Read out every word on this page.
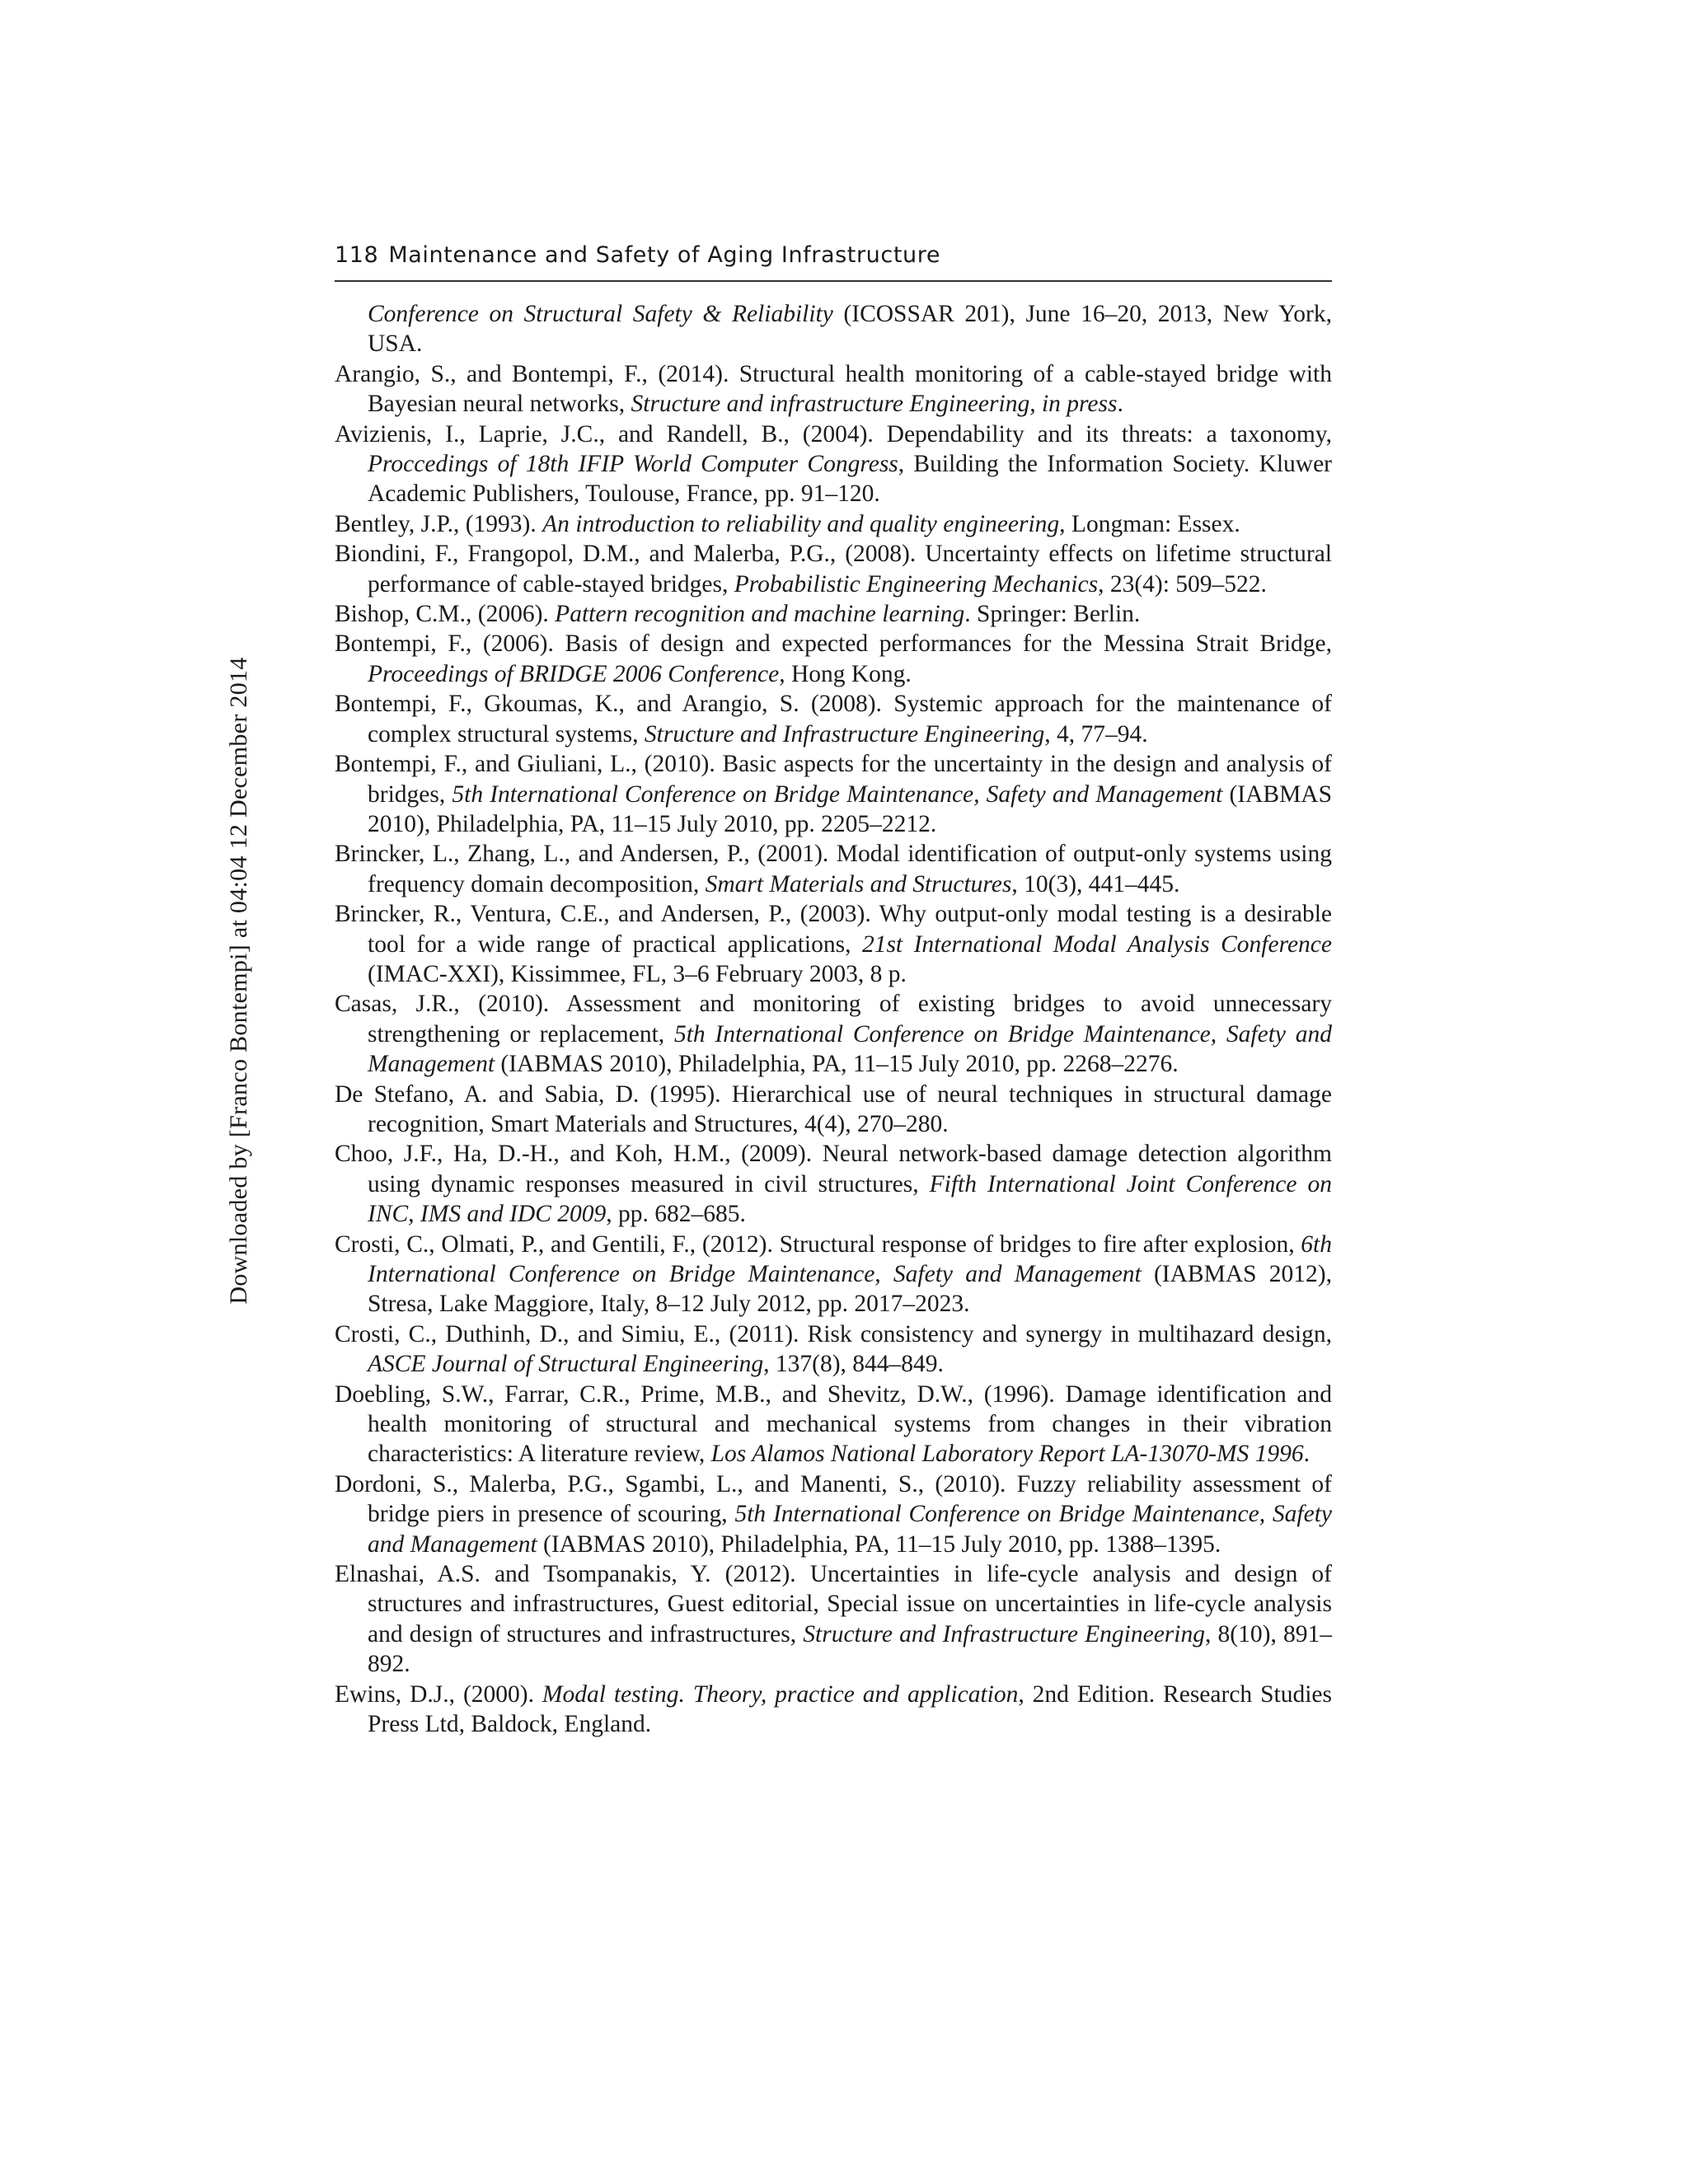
118 Maintenance and Safety of Aging Infrastructure
Downloaded by [Franco Bontempi] at 04:04 12 December 2014
Conference on Structural Safety & Reliability (ICOSSAR 201), June 16–20, 2013, New York, USA.
Arangio, S., and Bontempi, F., (2014). Structural health monitoring of a cable-stayed bridge with Bayesian neural networks, Structure and infrastructure Engineering, in press.
Avizienis, I., Laprie, J.C., and Randell, B., (2004). Dependability and its threats: a taxonomy, Proccedings of 18th IFIP World Computer Congress, Building the Information Society. Kluwer Academic Publishers, Toulouse, France, pp. 91–120.
Bentley, J.P., (1993). An introduction to reliability and quality engineering, Longman: Essex.
Biondini, F., Frangopol, D.M., and Malerba, P.G., (2008). Uncertainty effects on lifetime structural performance of cable-stayed bridges, Probabilistic Engineering Mechanics, 23(4): 509–522.
Bishop, C.M., (2006). Pattern recognition and machine learning. Springer: Berlin.
Bontempi, F., (2006). Basis of design and expected performances for the Messina Strait Bridge, Proceedings of BRIDGE 2006 Conference, Hong Kong.
Bontempi, F., Gkoumas, K., and Arangio, S. (2008). Systemic approach for the maintenance of complex structural systems, Structure and Infrastructure Engineering, 4, 77–94.
Bontempi, F., and Giuliani, L., (2010). Basic aspects for the uncertainty in the design and analysis of bridges, 5th International Conference on Bridge Maintenance, Safety and Management (IABMAS 2010), Philadelphia, PA, 11–15 July 2010, pp. 2205–2212.
Brincker, L., Zhang, L., and Andersen, P., (2001). Modal identification of output-only systems using frequency domain decomposition, Smart Materials and Structures, 10(3), 441–445.
Brincker, R., Ventura, C.E., and Andersen, P., (2003). Why output-only modal testing is a desirable tool for a wide range of practical applications, 21st International Modal Analysis Conference (IMAC-XXI), Kissimmee, FL, 3–6 February 2003, 8 p.
Casas, J.R., (2010). Assessment and monitoring of existing bridges to avoid unnecessary strengthening or replacement, 5th International Conference on Bridge Maintenance, Safety and Management (IABMAS 2010), Philadelphia, PA, 11–15 July 2010, pp. 2268–2276.
De Stefano, A. and Sabia, D. (1995). Hierarchical use of neural techniques in structural damage recognition, Smart Materials and Structures, 4(4), 270–280.
Choo, J.F., Ha, D.-H., and Koh, H.M., (2009). Neural network-based damage detection algorithm using dynamic responses measured in civil structures, Fifth International Joint Conference on INC, IMS and IDC 2009, pp. 682–685.
Crosti, C., Olmati, P., and Gentili, F., (2012). Structural response of bridges to fire after explosion, 6th International Conference on Bridge Maintenance, Safety and Management (IABMAS 2012), Stresa, Lake Maggiore, Italy, 8–12 July 2012, pp. 2017–2023.
Crosti, C., Duthinh, D., and Simiu, E., (2011). Risk consistency and synergy in multihazard design, ASCE Journal of Structural Engineering, 137(8), 844–849.
Doebling, S.W., Farrar, C.R., Prime, M.B., and Shevitz, D.W., (1996). Damage identification and health monitoring of structural and mechanical systems from changes in their vibration characteristics: A literature review, Los Alamos National Laboratory Report LA-13070-MS 1996.
Dordoni, S., Malerba, P.G., Sgambi, L., and Manenti, S., (2010). Fuzzy reliability assessment of bridge piers in presence of scouring, 5th International Conference on Bridge Maintenance, Safety and Management (IABMAS 2010), Philadelphia, PA, 11–15 July 2010, pp. 1388–1395.
Elnashai, A.S. and Tsompanakis, Y. (2012). Uncertainties in life-cycle analysis and design of structures and infrastructures, Guest editorial, Special issue on uncertainties in life-cycle analysis and design of structures and infrastructures, Structure and Infrastructure Engineering, 8(10), 891–892.
Ewins, D.J., (2000). Modal testing. Theory, practice and application, 2nd Edition. Research Studies Press Ltd, Baldock, England.
